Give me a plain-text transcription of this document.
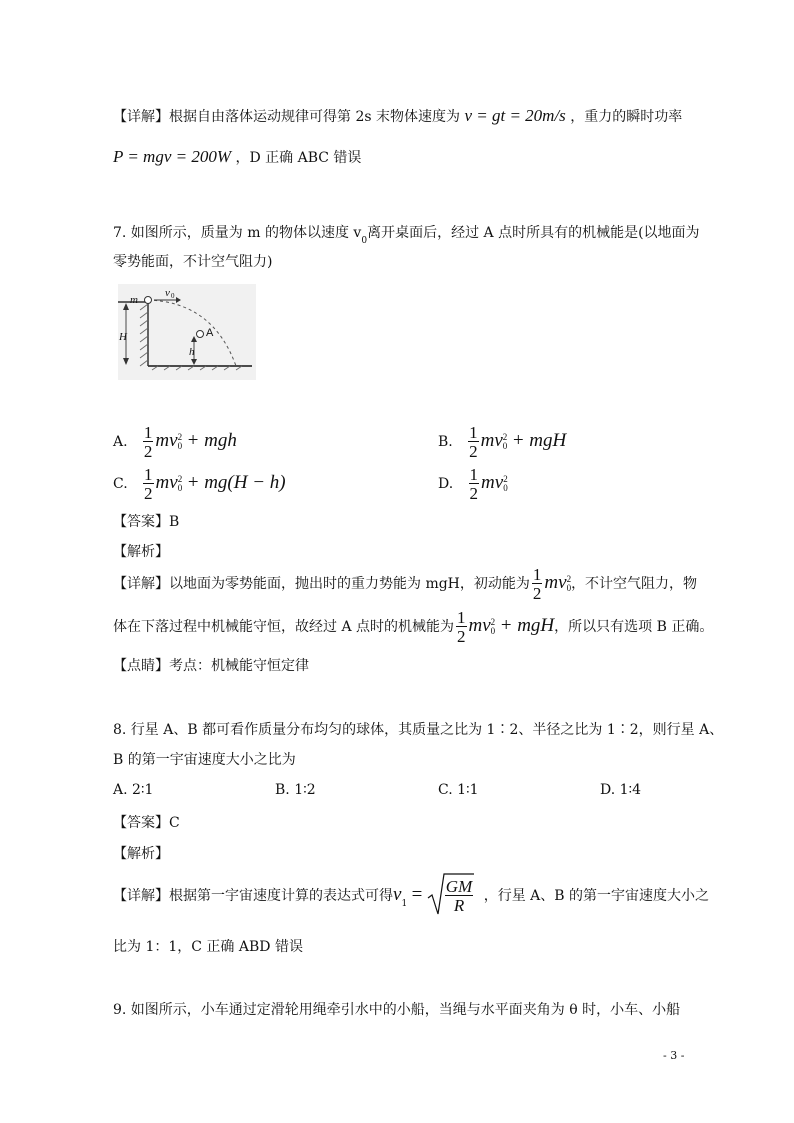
【详解】根据自由落体运动规律可得第 2s 末物体速度为 v = gt = 20m/s ，重力的瞬时功率
P = mgv = 200W ，D 正确 ABC 错误
7. 如图所示，质量为 m 的物体以速度 $v_0$离开桌面后，经过 A 点时所具有的机械能是(以地面为
零势能面，不计空气阻力)
m
v 0
A
H
h
A. $\frac{1}{2}$ mv 2
0 + mgh	B. $\frac{1}{2}$ mv 2
0 + mgH
C. $\frac{1}{2}$ mv 2
0 + mg(H − h)	D. $\frac{1}{2}$ mv 2
0
【答案】B
【解析】
【详解】以地面为零势能面，抛出时的重力势能为 mgH，初动能为 $\frac{1}{2}$ mv 2
0 ，不计空气阻力，物
体在下落过程中机械能守恒，故经过 A 点时的机械能为 $\frac{1}{2}$ mv 2
0 + mgH，所以只有选项 B 正确。
【点睛】考点：机械能守恒定律
8. 行星 A、B 都可看作质量分布均匀的球体，其质量之比为 1∶2、半径之比为 1∶2，则行星 A、
B 的第一宇宙速度大小之比为
A. 2∶1	B. 1∶2	C. 1∶1	D. 1∶4
【答案】C
【解析】
【详解】根据第一宇宙速度计算的表达式可得$v_1 = \frac{GM}{R}$ ，行星 A、B 的第一宇宙速度大小之
比为 1：1，C 正确 ABD 错误
9. 如图所示，小车通过定滑轮用绳牵引水中的小船，当绳与水平面夹角为 θ 时，小车、小船
- 3 -
